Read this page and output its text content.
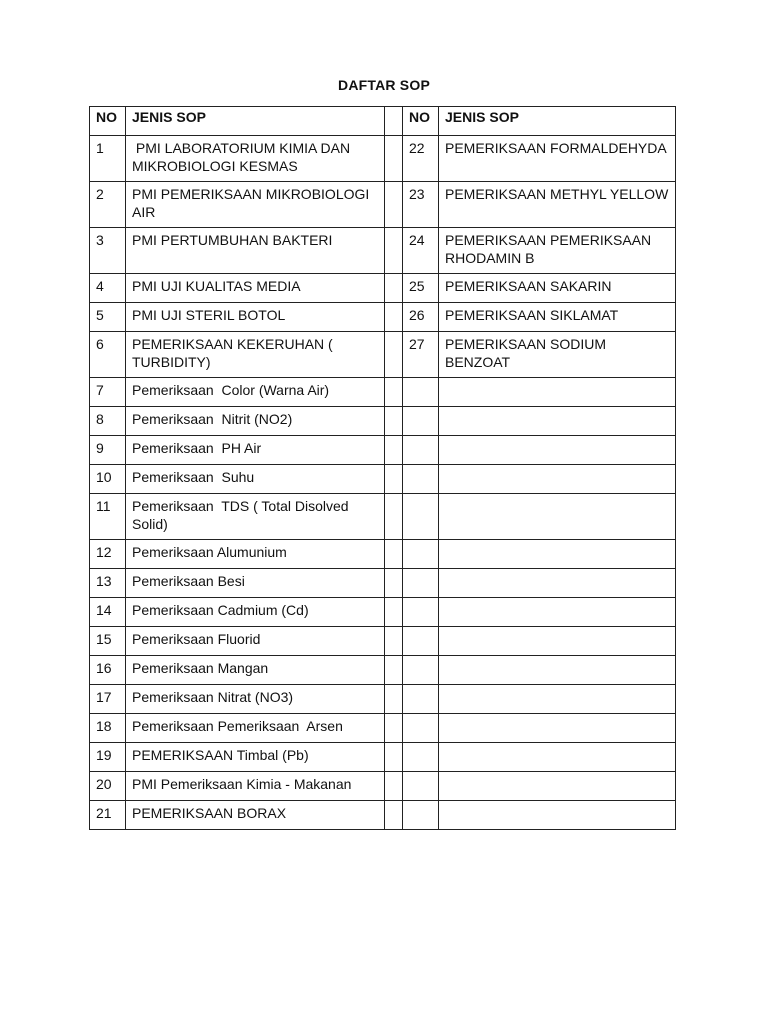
DAFTAR SOP
NO	JENIS SOP		NO	JENIS SOP
1	PMI LABORATORIUM KIMIA DAN MIKROBIOLOGI KESMAS		22	PEMERIKSAAN FORMALDEHYDA
2	PMI PEMERIKSAAN MIKROBIOLOGI AIR		23	PEMERIKSAAN METHYL YELLOW
3	PMI PERTUMBUHAN BAKTERI		24	PEMERIKSAAN PEMERIKSAAN RHODAMIN B
4	PMI UJI KUALITAS MEDIA		25	PEMERIKSAAN SAKARIN
5	PMI UJI STERIL BOTOL		26	PEMERIKSAAN SIKLAMAT
6	PEMERIKSAAN KEKERUHAN ( TURBIDITY)		27	PEMERIKSAAN SODIUM BENZOAT
7	Pemeriksaan  Color (Warna Air)			
8	Pemeriksaan  Nitrit (NO2)			
9	Pemeriksaan  PH Air			
10	Pemeriksaan  Suhu			
11	Pemeriksaan  TDS ( Total Disolved Solid)			
12	Pemeriksaan Alumunium			
13	Pemeriksaan Besi			
14	Pemeriksaan Cadmium (Cd)			
15	Pemeriksaan Fluorid			
16	Pemeriksaan Mangan			
17	Pemeriksaan Nitrat (NO3)			
18	Pemeriksaan Pemeriksaan  Arsen			
19	PEMERIKSAAN Timbal (Pb)			
20	PMI Pemeriksaan Kimia - Makanan			
21	PEMERIKSAAN BORAX			
